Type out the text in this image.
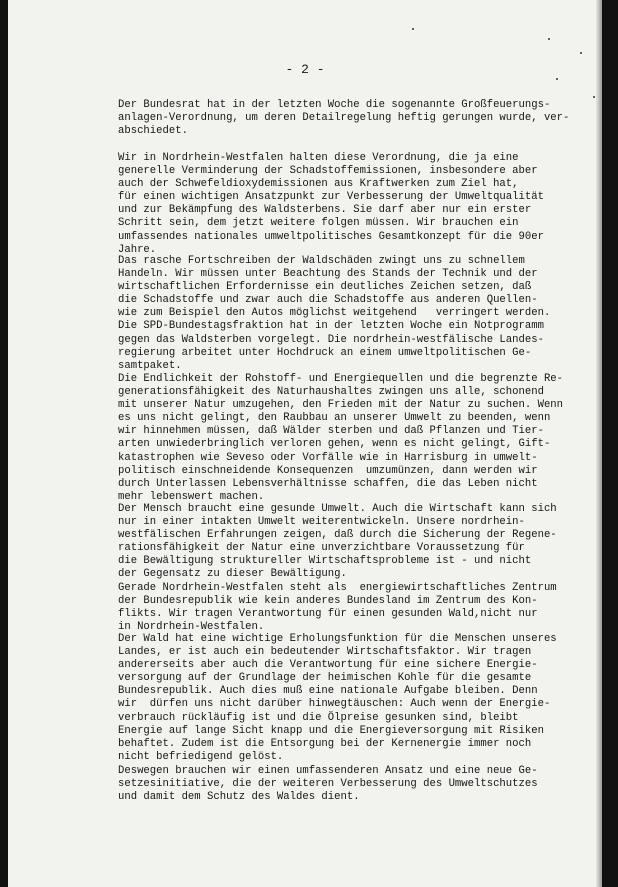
- 2 -

Der Bundesrat hat in der letzten Woche die sogenannte Großfeuerungs-
anlagen-Verordnung, um deren Detailregelung heftig gerungen wurde, ver-
abschiedet.

Wir in Nordrhein-Westfalen halten diese Verordnung, die ja eine
generelle Verminderung der Schadstoffemissionen, insbesondere aber
auch der Schwefeldioxydemissionen aus Kraftwerken zum Ziel hat,
für einen wichtigen Ansatzpunkt zur Verbesserung der Umweltqualität
und zur Bekämpfung des Waldsterbens. Sie darf aber nur ein erster
Schritt sein, dem jetzt weitere folgen müssen. Wir brauchen ein
umfassendes nationales umweltpolitisches Gesamtkonzept für die 90er
Jahre.

Das rasche Fortschreiben der Waldschäden zwingt uns zu schnellem
Handeln. Wir müssen unter Beachtung des Stands der Technik und der
wirtschaftlichen Erfordernisse ein deutliches Zeichen setzen, daß
die Schadstoffe und zwar auch die Schadstoffe aus anderen Quellen-
wie zum Beispiel den Autos möglichst weitgehend   verringert werden.
Die SPD-Bundestagsfraktion hat in der letzten Woche ein Notprogramm
gegen das Waldsterben vorgelegt. Die nordrhein-westfälische Landes-
regierung arbeitet unter Hochdruck an einem umweltpolitischen Ge-
samtpaket.

Die Endlichkeit der Rohstoff- und Energiequellen und die begrenzte Re-
generationsfähigkeit des Naturhaushaltes zwingen uns alle, schonend
mit unserer Natur umzugehen, den Frieden mit der Natur zu suchen. Wenn
es uns nicht gelingt, den Raubbau an unserer Umwelt zu beenden, wenn
wir hinnehmen müssen, daß Wälder sterben und daß Pflanzen und Tier-
arten unwiederbringlich verloren gehen, wenn es nicht gelingt, Gift-
katastrophen wie Seveso oder Vorfälle wie in Harrisburg in umwelt-
politisch einschneidende Konsequenzen  umzumünzen, dann werden wir
durch Unterlassen Lebensverhältnisse schaffen, die das Leben nicht
mehr lebenswert machen.

Der Mensch braucht eine gesunde Umwelt. Auch die Wirtschaft kann sich
nur in einer intakten Umwelt weiterentwickeln. Unsere nordrhein-
westfälischen Erfahrungen zeigen, daß durch die Sicherung der Regene-
rationsfähigkeit der Natur eine unverzichtbare Voraussetzung für
die Bewältigung struktureller Wirtschaftsprobleme ist - und nicht
der Gegensatz zu dieser Bewältigung.
Gerade Nordrhein-Westfalen steht als  energiewirtschaftliches Zentrum
der Bundesrepublik wie kein anderes Bundesland im Zentrum des Kon-
flikts. Wir tragen Verantwortung für einen gesunden Wald,nicht nur
in Nordrhein-Westfalen.

Der Wald hat eine wichtige Erholungsfunktion für die Menschen unseres
Landes, er ist auch ein bedeutender Wirtschaftsfaktor. Wir tragen
andererseits aber auch die Verantwortung für eine sichere Energie-
versorgung auf der Grundlage der heimischen Kohle für die gesamte
Bundesrepublik. Auch dies muß eine nationale Aufgabe bleiben. Denn
wir  dürfen uns nicht darüber hinwegtäuschen: Auch wenn der Energie-
verbrauch rückläufig ist und die Ölpreise gesunken sind, bleibt
Energie auf lange Sicht knapp und die Energieversorgung mit Risiken
behaftet. Zudem ist die Entsorgung bei der Kernenergie immer noch
nicht befriedigend gelöst.

Deswegen brauchen wir einen umfassenderen Ansatz und eine neue Ge-
setzesinitiative, die der weiteren Verbesserung des Umweltschutzes
und damit dem Schutz des Waldes dient.
